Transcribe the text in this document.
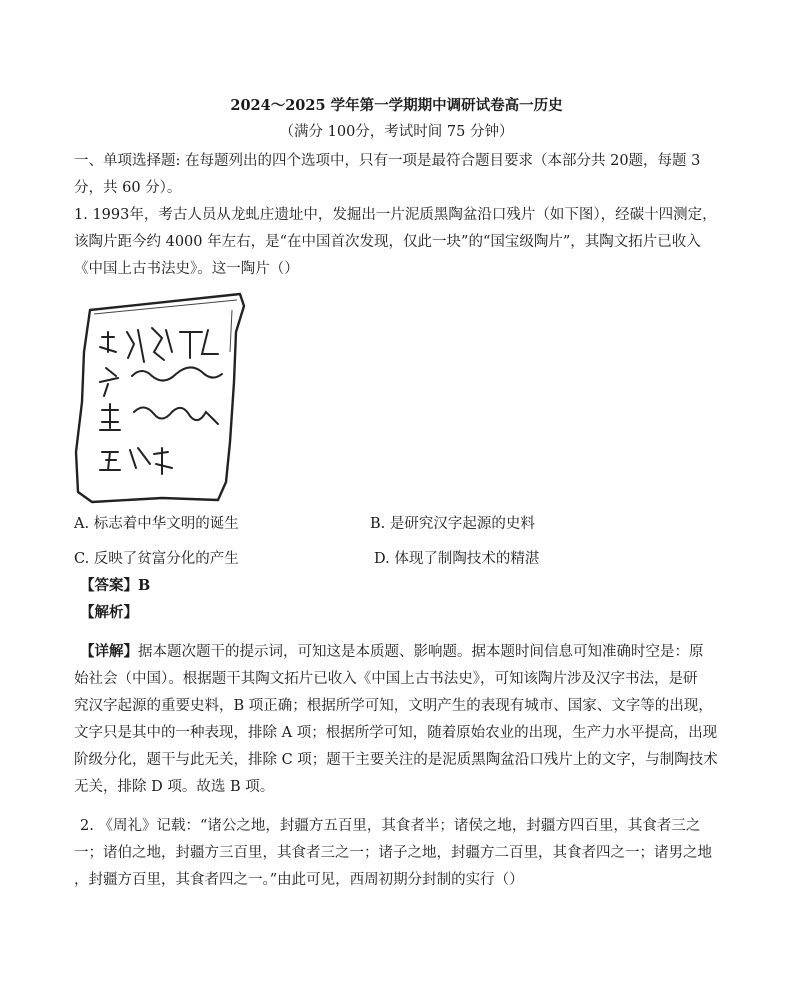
2024～2025 学年第一学期期中调研试卷高一历史
（满分 100分，考试时间 75 分钟）
一、单项选择题: 在每题列出的四个选项中，只有一项是最符合题目要求（本部分共 20题，每题 3
分，共 60 分）。
1. 1993年，考古人员从龙虬庄遗址中，发掘出一片泥质黑陶盆沿口残片（如下图），经碳十四测定，
该陶片距今约 4000 年左右，是“在中国首次发现，仅此一块”的“国宝级陶片”，其陶文拓片已收入
《中国上古书法史》。这一陶片（）
A. 标志着中华文明的诞生	B. 是研究汉字起源的史料
C. 反映了贫富分化的产生	D. 体现了制陶技术的精湛
【答案】B
【解析】
【详解】据本题次题干的提示词，可知这是本质题、影响题。据本题时间信息可知准确时空是：原
始社会（中国）。根据题干其陶文拓片已收入《中国上古书法史》，可知该陶片涉及汉字书法，是研
究汉字起源的重要史料，B 项正确；根据所学可知，文明产生的表现有城市、国家、文字等的出现，
文字只是其中的一种表现，排除 A 项；根据所学可知，随着原始农业的出现，生产力水平提高，出现
阶级分化，题干与此无关，排除 C 项；题干主要关注的是泥质黑陶盆沿口残片上的文字，与制陶技术
无关，排除 D 项。故选 B 项。
2. 《周礼》记载：“诸公之地，封疆方五百里，其食者半；诸侯之地，封疆方四百里，其食者三之
一；诸伯之地，封疆方三百里，其食者三之一；诸子之地，封疆方二百里，其食者四之一；诸男之地
，封疆方百里，其食者四之一。”由此可见，西周初期分封制的实行（）
